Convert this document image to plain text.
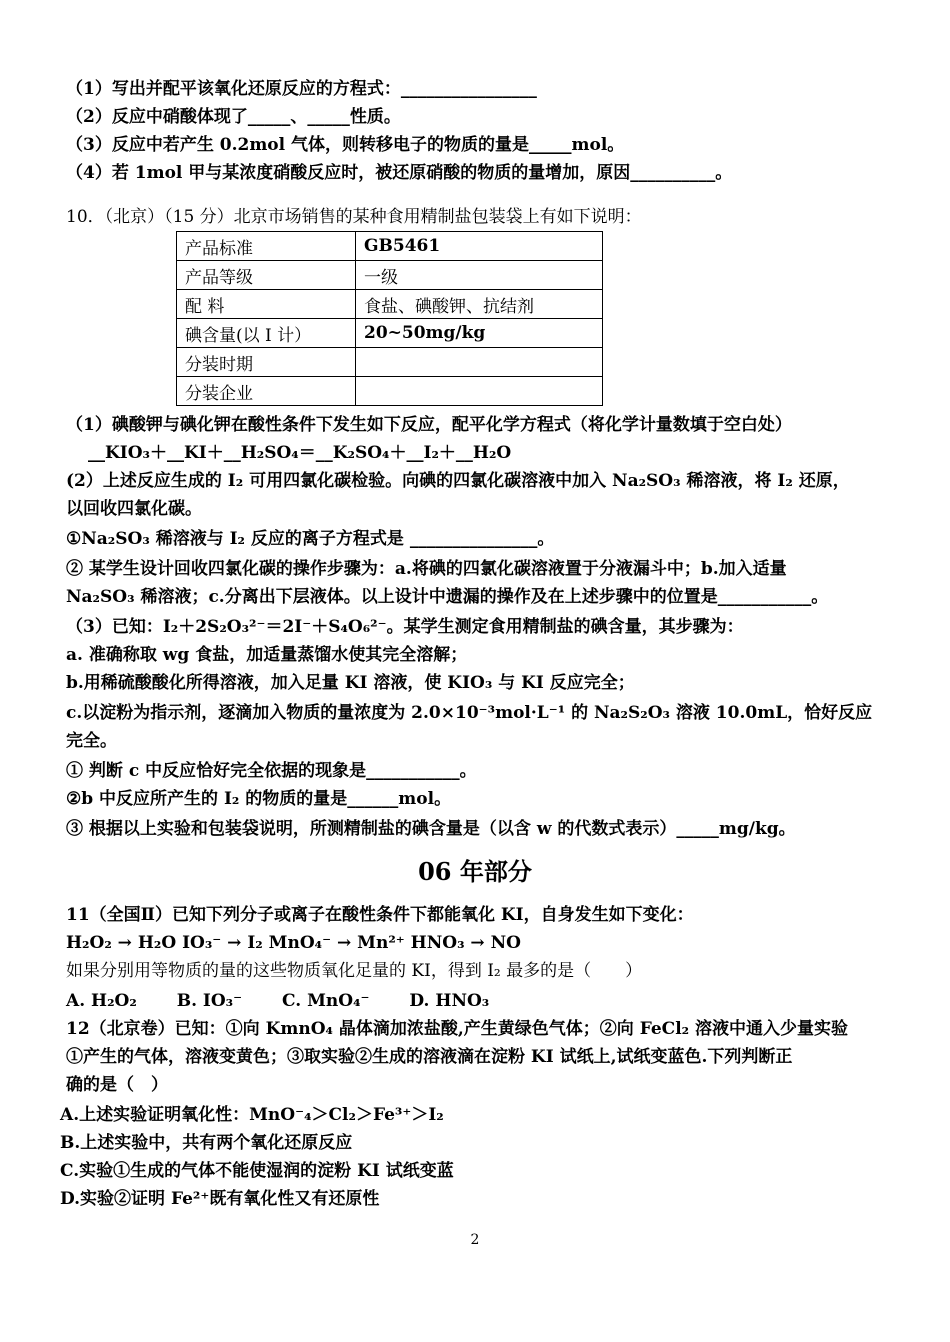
（1）写出并配平该氧化还原反应的方程式：________________
（2）反应中硝酸体现了_____、_____性质。
（3）反应中若产生 0.2mol 气体，则转移电子的物质的量是_____mol。
（4）若 1mol 甲与某浓度硝酸反应时，被还原硝酸的物质的量增加，原因__________。
10．（北京）（15 分）北京市场销售的某种食用精制盐包装袋上有如下说明：
产品标准	GB5461
产品等级	一级
配 料	食盐、碘酸钾、抗结剂
碘含量(以 I 计）	20~50mg/kg
分装时期	
分装企业	
（1）碘酸钾与碘化钾在酸性条件下发生如下反应，配平化学方程式（将化学计量数填于空白处）
__KIO₃＋__KI＋__H₂SO₄＝__K₂SO₄＋__I₂＋__H₂O
(2）上述反应生成的 I₂ 可用四氯化碳检验。向碘的四氯化碳溶液中加入 Na₂SO₃ 稀溶液，将 I₂ 还原，
以回收四氯化碳。
①Na₂SO₃ 稀溶液与 I₂ 反应的离子方程式是 _______________。
② 某学生设计回收四氯化碳的操作步骤为：a.将碘的四氯化碳溶液置于分液漏斗中；b.加入适量
Na₂SO₃ 稀溶液；c.分离出下层液体。以上设计中遗漏的操作及在上述步骤中的位置是___________。
（3）已知：I₂＋2S₂O₃²⁻＝2I⁻＋S₄O₆²⁻。某学生测定食用精制盐的碘含量，其步骤为：
a. 准确称取 wg 食盐，加适量蒸馏水使其完全溶解；
b.用稀硫酸酸化所得溶液，加入足量 KI 溶液，使 KIO₃ 与 KI 反应完全；
c.以淀粉为指示剂，逐滴加入物质的量浓度为 2.0×10⁻³mol·L⁻¹ 的 Na₂S₂O₃ 溶液 10.0mL，恰好反应
完全。
① 判断 c 中反应恰好完全依据的现象是___________。
②b 中反应所产生的 I₂ 的物质的量是______mol。
③ 根据以上实验和包装袋说明，所测精制盐的碘含量是（以含 w 的代数式表示）_____mg/kg。
06 年部分
11（全国Ⅱ）已知下列分子或离子在酸性条件下都能氧化 KI，自身发生如下变化：
H₂O₂ → H₂O IO₃⁻ → I₂ MnO₄⁻ → Mn²⁺ HNO₃ → NO
如果分别用等物质的量的这些物质氧化足量的 KI，得到 I₂ 最多的是（　　）
A. H₂O₂　　 B. IO₃⁻　　 C. MnO₄⁻　　 D. HNO₃
12（北京卷）已知：①向 KmnO₄ 晶体滴加浓盐酸,产生黄绿色气体；②向 FeCl₂ 溶液中通入少量实验
①产生的气体，溶液变黄色；③取实验②生成的溶液滴在淀粉 KI 试纸上,试纸变蓝色.下列判断正
确的是（　）
A.上述实验证明氧化性：MnO⁻₄＞Cl₂＞Fe³⁺＞I₂
B.上述实验中，共有两个氧化还原反应
C.实验①生成的气体不能使湿润的淀粉 KI 试纸变蓝
D.实验②证明 Fe²⁺既有氧化性又有还原性
2
